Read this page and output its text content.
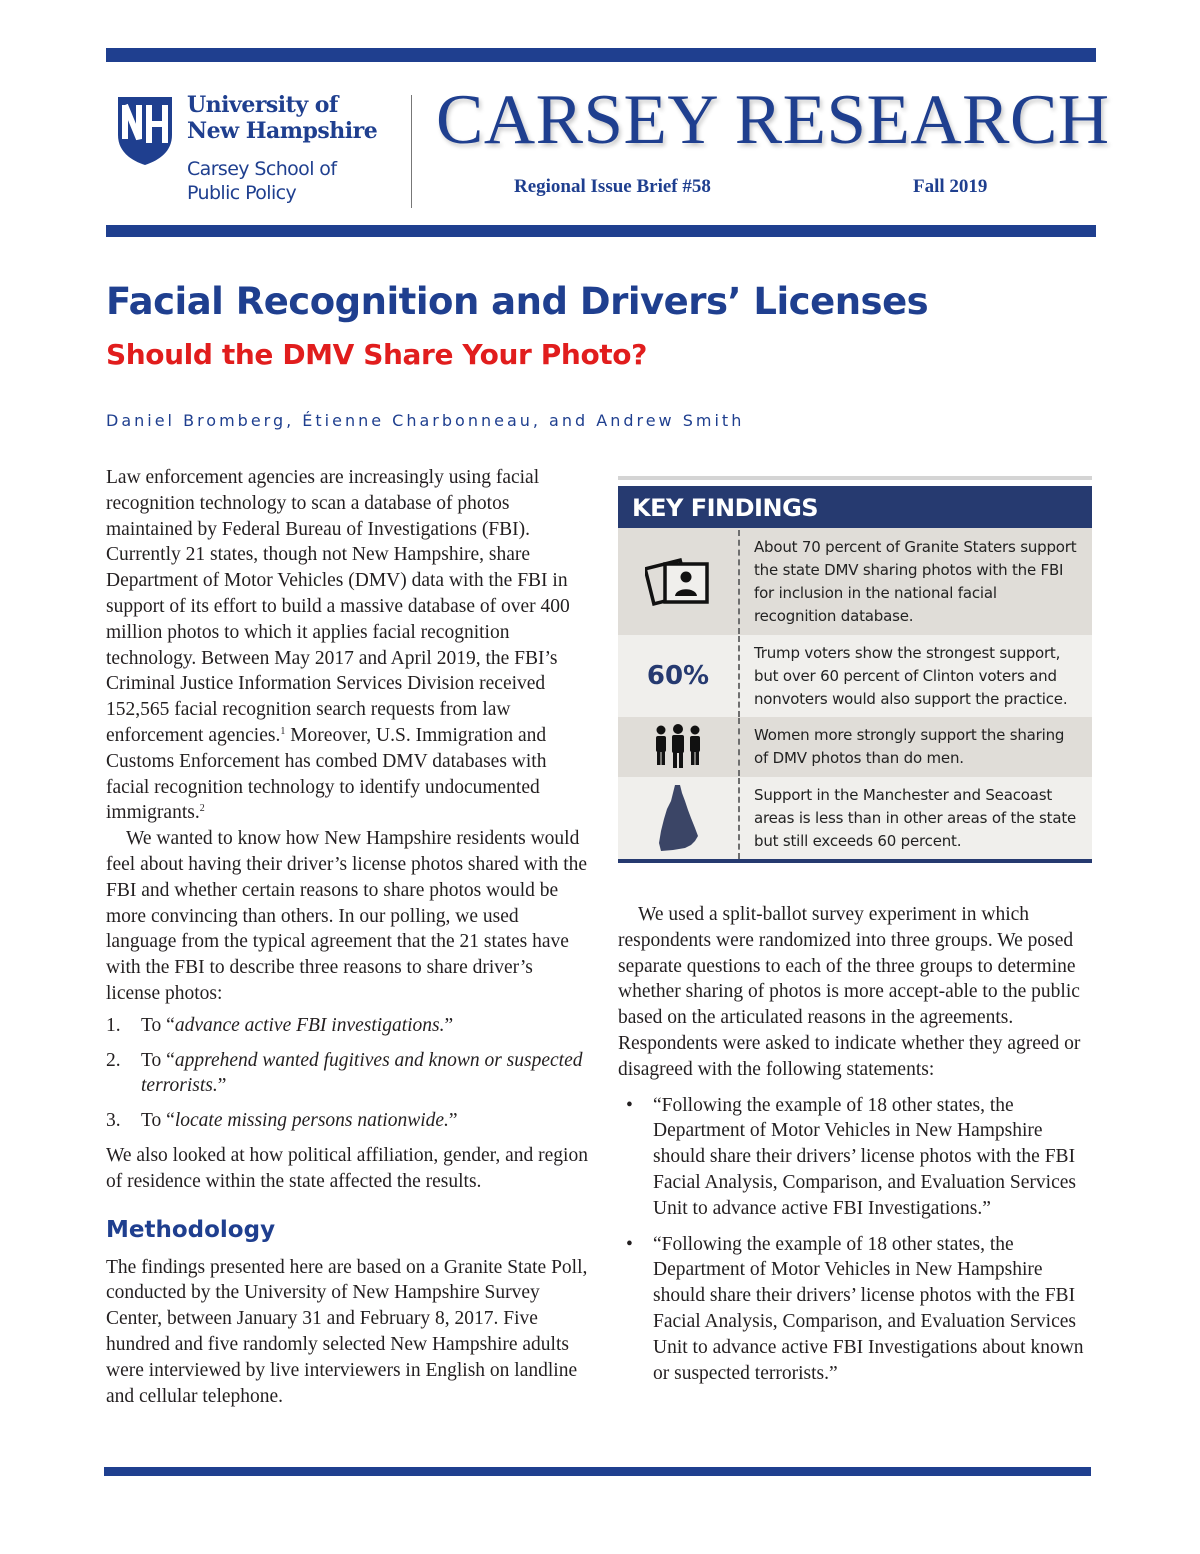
University of
New Hampshire
Carsey School of
Public Policy
CARSEY RESEARCH
Regional Issue Brief #58	Fall 2019
Facial Recognition and Drivers’ Licenses
Should the DMV Share Your Photo?
Daniel Bromberg, Étienne Charbonneau, and Andrew Smith

Law enforcement agencies are increasingly using facial recognition technology to scan a database of photos maintained by Federal Bureau of Investigations (FBI). Currently 21 states, though not New Hampshire, share Department of Motor Vehicles (DMV) data with the FBI in support of its effort to build a massive database of over 400 million photos to which it applies facial recognition technology. Between May 2017 and April 2019, the FBI’s Criminal Justice Information Services Division received 152,565 facial recognition search requests from law enforcement agencies.$^1$ Moreover, U.S. Immigration and Customs Enforcement has combed DMV databases with facial recognition technology to identify undocumented immigrants.$^2$

We wanted to know how New Hampshire residents would feel about having their driver’s license photos shared with the FBI and whether certain reasons to share photos would be more convincing than others. In our polling, we used language from the typical agreement that the 21 states have with the FBI to describe three reasons to share driver’s license photos:

1.	To “advance active FBI investigations.”
2.	To “apprehend wanted fugitives and known or suspected terrorists.”
3.	To “locate missing persons nationwide.”

We also looked at how political affiliation, gender, and region of residence within the state affected the results.

Methodology

The findings presented here are based on a Granite State Poll, conducted by the University of New Hampshire Survey Center, between January 31 and February 8, 2017. Five hundred and five randomly selected New Hampshire adults were interviewed by live interviewers in English on landline and cellular telephone.

KEY FINDINGS
About 70 percent of Granite Staters support the state DMV sharing photos with the FBI for inclusion in the national facial recognition database.
60%
Trump voters show the strongest support, but over 60 percent of Clinton voters and nonvoters would also support the practice.
Women more strongly support the sharing of DMV photos than do men.
Support in the Manchester and Seacoast areas is less than in other areas of the state but still exceeds 60 percent.

We used a split-ballot survey experiment in which respondents were randomized into three groups. We posed separate questions to each of the three groups to determine whether sharing of photos is more accept-able to the public based on the articulated reasons in the agreements. Respondents were asked to indicate whether they agreed or disagreed with the following statements:

•	“Following the example of 18 other states, the Department of Motor Vehicles in New Hampshire should share their drivers’ license photos with the FBI Facial Analysis, Comparison, and Evaluation Services Unit to advance active FBI Investigations.”
•	“Following the example of 18 other states, the Department of Motor Vehicles in New Hampshire should share their drivers’ license photos with the FBI Facial Analysis, Comparison, and Evaluation Services Unit to advance active FBI Investigations about known or suspected terrorists.”
